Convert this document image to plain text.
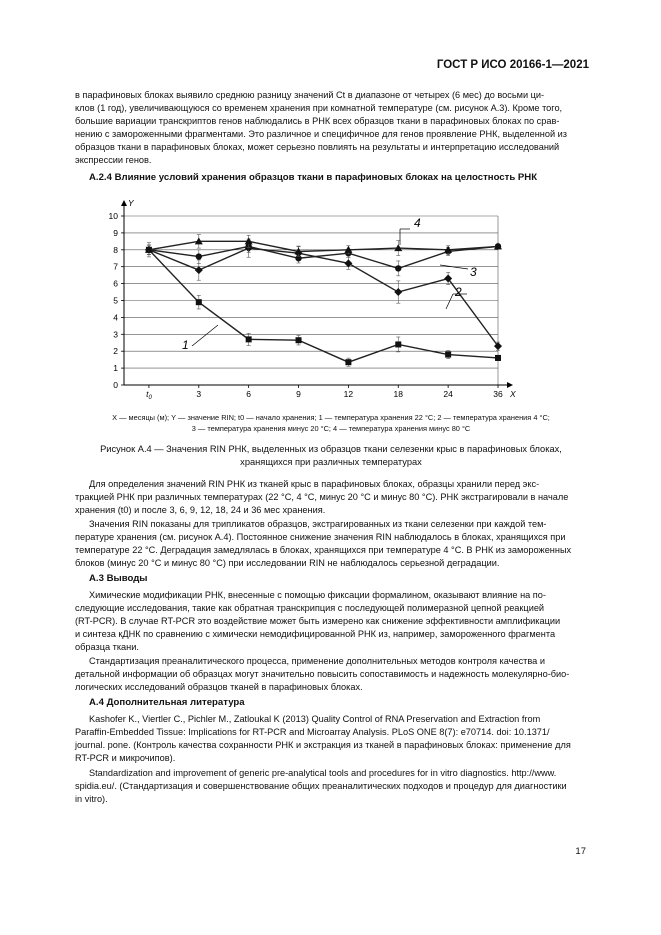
ГОСТ Р ИСО 20166-1—2021
в парафиновых блоках выявило среднюю разницу значений Ct в диапазоне от четырех (6 мес) до восьми ци-
клов (1 год), увеличивающуюся со временем хранения при комнатной температуре (см. рисунок А.3). Кроме того,
большие вариации транскриптов генов наблюдались в РНК всех образцов ткани в парафиновых блоках по срав-
нению с замороженными фрагментами. Это различное и специфичное для генов проявление РНК, выделенной из
образцов ткани в парафиновых блоках, может серьезно повлиять на результаты и интерпретацию исследований
экспрессии генов.
А.2.4 Влияние условий хранения образцов ткани в парафиновых блоках на целостность РНК
Y
X
0
1
2
3
4
5
6
7
8
9
10
$t_0$	3	6	9	12	18	24	36
1
4
3
2
X — месяцы (м); Y — значение RIN; t0 — начало хранения; 1 — температура хранения 22 °C; 2 — температура хранения 4 °C;
3 — температура хранения минус 20 °C; 4 — температура хранения минус 80 °C
Рисунок А.4 — Значения RIN РНК, выделенных из образцов ткани селезенки крыс в парафиновых блоках,
хранящихся при различных температурах
Для определения значений RIN РНК из тканей крыс в парафиновых блоках, образцы хранили перед экс-
тракцией РНК при различных температурах (22 °C, 4 °C, минус 20 °C и минус 80 °C). РНК экстрагировали в начале
хранения (t0) и после 3, 6, 9, 12, 18, 24 и 36 мес хранения.
Значения RIN показаны для трипликатов образцов, экстрагированных из ткани селезенки при каждой тем-
пературе хранения (см. рисунок А.4). Постоянное снижение значения RIN наблюдалось в блоках, хранящихся при
температуре 22 °C. Деградация замедлялась в блоках, хранящихся при температуре 4 °C. В РНК из замороженных
блоков (минус 20 °C и минус 80 °C) при исследовании RIN не наблюдалось серьезной деградации.
А.3 Выводы
Химические модификации РНК, внесенные с помощью фиксации формалином, оказывают влияние на по-
следующие исследования, такие как обратная транскрипция с последующей полимеразной цепной реакцией
(RT-PCR). В случае RT-PCR это воздействие может быть измерено как снижение эффективности амплификации
и синтеза кДНК по сравнению с химически немодифицированной РНК из, например, замороженного фрагмента
образца ткани.
Стандартизация преаналитического процесса, применение дополнительных методов контроля качества и
детальной информации об образцах могут значительно повысить сопоставимость и надежность молекулярно-био-
логических исследований образцов тканей в парафиновых блоках.
А.4 Дополнительная литература
Kashofer K., Viertler C., Pichler M., Zatloukal K (2013) Quality Control of RNA Preservation and Extraction from
Paraffin-Embedded Tissue: Implications for RT-PCR and Microarray Analysis. PLoS ONE 8(7): e70714. doi: 10.1371/
journal. pone. (Контроль качества сохранности РНК и экстракция из тканей в парафиновых блоках: применение для
RT-PCR и микрочипов).
Standardization and improvement of generic pre-analytical tools and procedures for in vitro diagnostics. http://www.
spidia.eu/. (Стандартизация и совершенствование общих преаналитических подходов и процедур для диагностики
in vitro).
17
